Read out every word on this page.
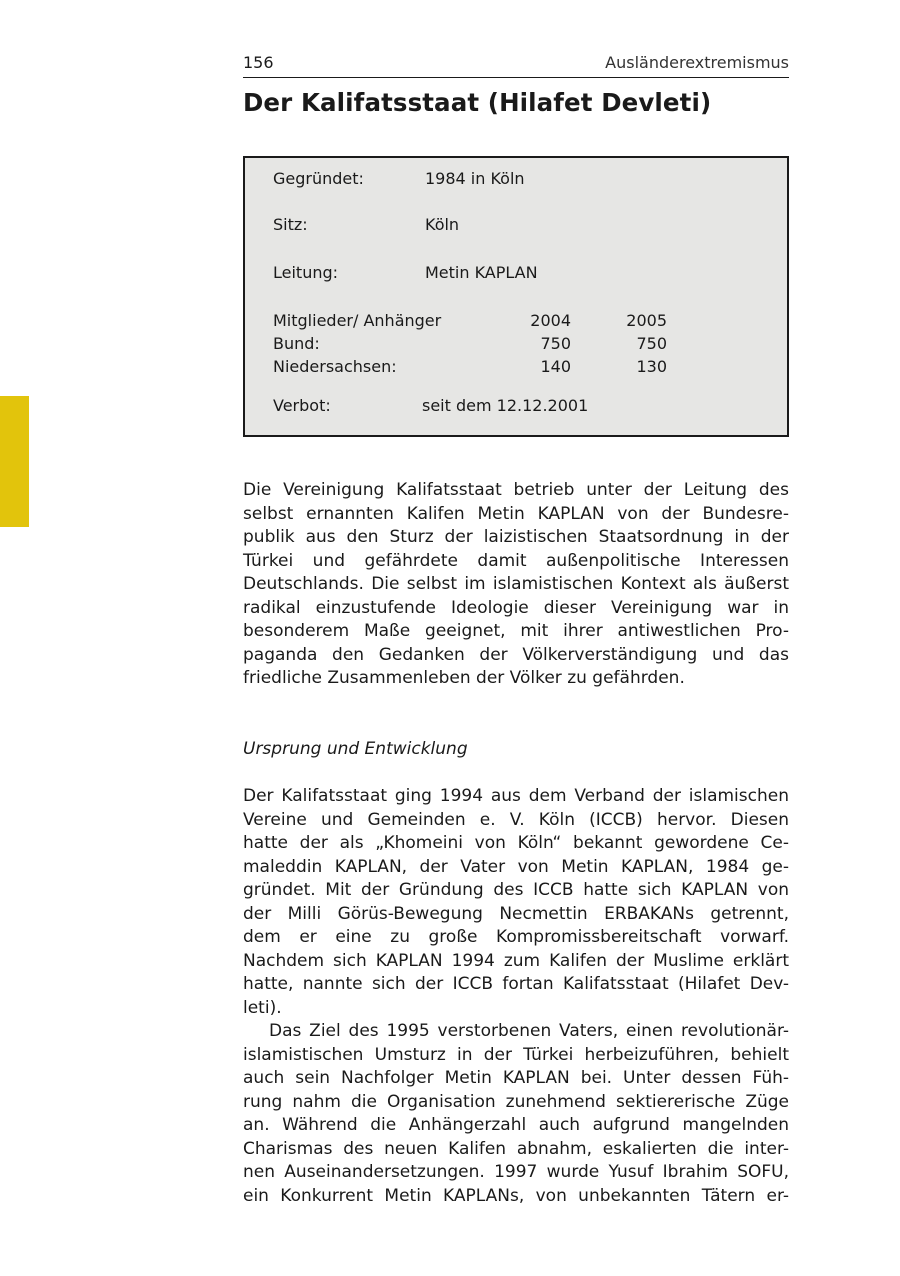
156	Ausländerextremismus
Der Kalifatsstaat (Hilafet Devleti)
Gegründet:	1984 in Köln
Sitz:	Köln
Leitung:	Metin KAPLAN
Mitglieder/ Anhänger	2004	2005
Bund:	750	750
Niedersachsen:	140	130
Verbot:	seit dem 12.12.2001

Die Vereinigung Kalifatsstaat betrieb unter der Leitung des
selbst ernannten Kalifen Metin KAPLAN von der Bundesre-
publik aus den Sturz der laizistischen Staatsordnung in der
Türkei und gefährdete damit außenpolitische Interessen
Deutschlands. Die selbst im islamistischen Kontext als äußerst
radikal einzustufende Ideologie dieser Vereinigung war in
besonderem Maße geeignet, mit ihrer antiwestlichen Pro-
paganda den Gedanken der Völkerverständigung und das
friedliche Zusammenleben der Völker zu gefährden.

Ursprung und Entwicklung

Der Kalifatsstaat ging 1994 aus dem Verband der islamischen
Vereine und Gemeinden e. V. Köln (ICCB) hervor. Diesen
hatte der als „Khomeini von Köln“ bekannt gewordene Ce-
maleddin KAPLAN, der Vater von Metin KAPLAN, 1984 ge-
gründet. Mit der Gründung des ICCB hatte sich KAPLAN von
der Milli Görüs-Bewegung Necmettin ERBAKANs getrennt,
dem er eine zu große Kompromissbereitschaft vorwarf.
Nachdem sich KAPLAN 1994 zum Kalifen der Muslime erklärt
hatte, nannte sich der ICCB fortan Kalifatsstaat (Hilafet Dev-
leti).

Das Ziel des 1995 verstorbenen Vaters, einen revolutionär-
islamistischen Umsturz in der Türkei herbeizuführen, behielt
auch sein Nachfolger Metin KAPLAN bei. Unter dessen Füh-
rung nahm die Organisation zunehmend sektiererische Züge
an. Während die Anhängerzahl auch aufgrund mangelnden
Charismas des neuen Kalifen abnahm, eskalierten die inter-
nen Auseinandersetzungen. 1997 wurde Yusuf Ibrahim SOFU,
ein Konkurrent Metin KAPLANs, von unbekannten Tätern er-
